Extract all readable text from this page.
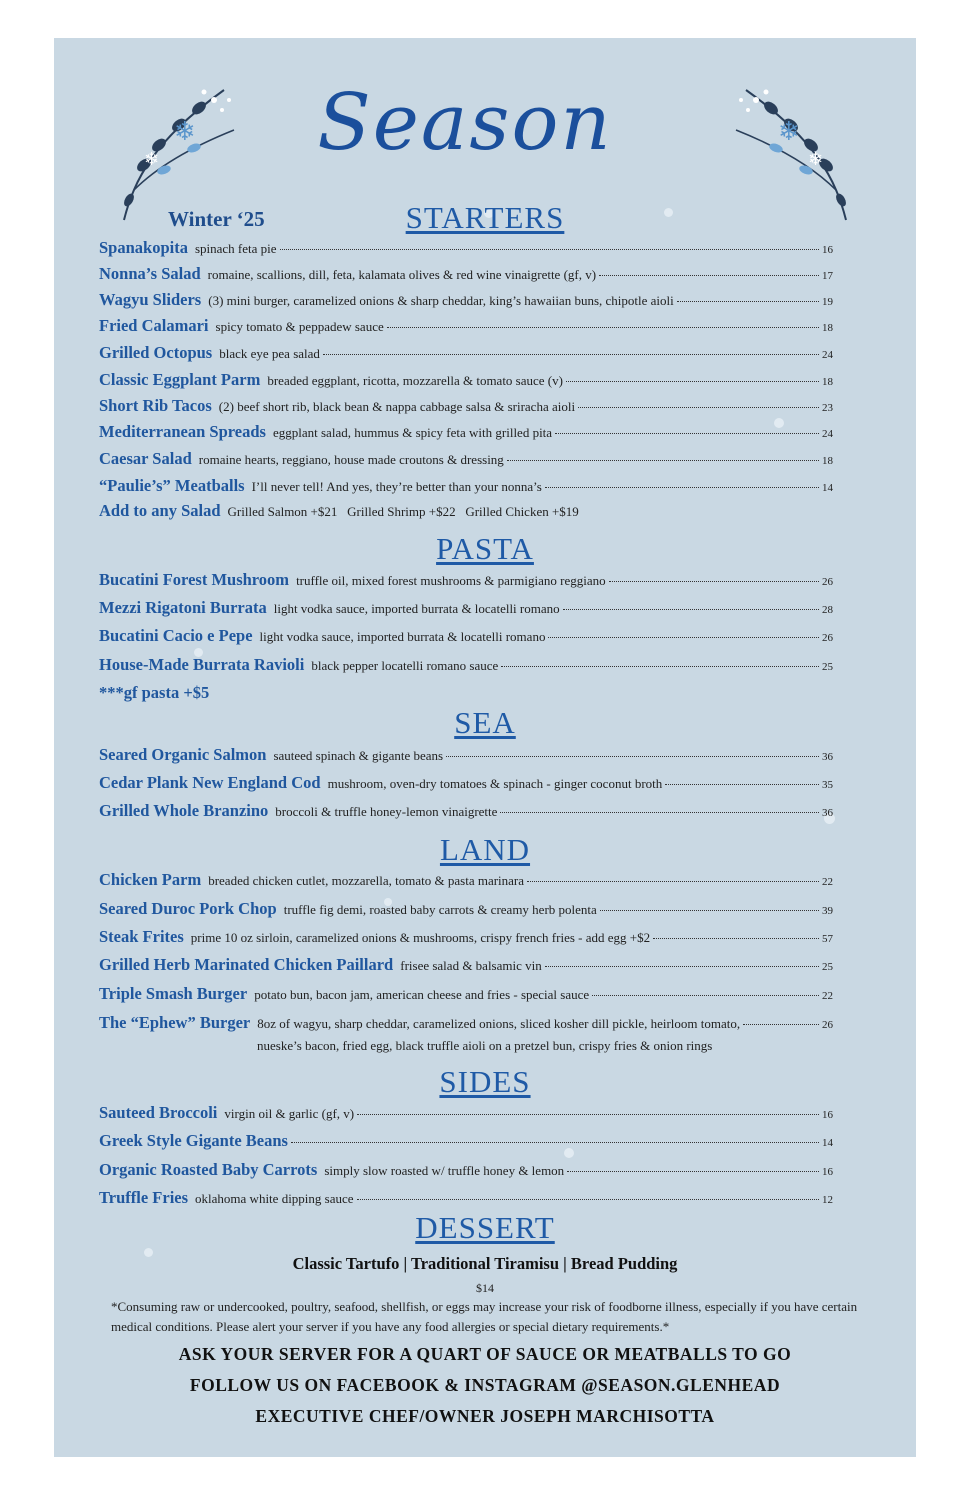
❄
❄
❄
❄
Season
Winter ‘25	STARTERS
PASTA
SEA
LAND
SIDES
DESSERT
Spanakopita spinach feta pie	16
Nonna’s Salad romaine, scallions, dill, feta, kalamata olives & red wine vinaigrette (gf, v)	17
Wagyu Sliders (3) mini burger, caramelized onions & sharp cheddar, king’s hawaiian buns, chipotle aioli	19
Fried Calamari spicy tomato & peppadew sauce	18
Grilled Octopus black eye pea salad	24
Classic Eggplant Parm breaded eggplant, ricotta, mozzarella & tomato sauce (v)	18
Short Rib Tacos (2) beef short rib, black bean & nappa cabbage salsa & sriracha aioli	23
Mediterranean Spreads eggplant salad, hummus & spicy feta with grilled pita	24
Caesar Salad romaine hearts, reggiano, house made croutons & dressing	18
“Paulie’s” Meatballs I’ll never tell! And yes, they’re better than your nonna’s	14
Add to any Salad Grilled Salmon +$21   Grilled Shrimp +$22   Grilled Chicken +$19
Bucatini Forest Mushroom truffle oil, mixed forest mushrooms & parmigiano reggiano	26
Mezzi Rigatoni Burrata light vodka sauce, imported burrata & locatelli romano	28
Bucatini Cacio e Pepe light vodka sauce, imported burrata & locatelli romano	26
House-Made Burrata Ravioli black pepper locatelli romano sauce	25
***gf pasta +$5
Seared Organic Salmon sauteed spinach & gigante beans	36
Cedar Plank New England Cod mushroom, oven-dry tomatoes & spinach - ginger coconut broth	35
Grilled Whole Branzino broccoli & truffle honey-lemon vinaigrette	36
Chicken Parm breaded chicken cutlet, mozzarella, tomato & pasta marinara	22
Seared Duroc Pork Chop truffle fig demi, roasted baby carrots & creamy herb polenta	39
Steak Frites prime 10 oz sirloin, caramelized onions & mushrooms, crispy french fries - add egg +$2	57
Grilled Herb Marinated Chicken Paillard frisee salad & balsamic vin	25
Triple Smash Burger potato bun, bacon jam, american cheese and fries - special sauce	22
The “Ephew” Burger 8oz of wagyu, sharp cheddar, caramelized onions, sliced kosher dill pickle, heirloom tomato,	26
nueske’s bacon, fried egg, black truffle aioli on a pretzel bun, crispy fries & onion rings
Sauteed Broccoli virgin oil & garlic (gf, v)	16
Greek Style Gigante Beans	14
Organic Roasted Baby Carrots simply slow roasted w/ truffle honey & lemon	16
Truffle Fries oklahoma white dipping sauce	12
Classic Tartufo | Traditional Tiramisu | Bread Pudding
$14
*Consuming raw or undercooked, poultry, seafood, shellfish, or eggs may increase your risk of foodborne illness, especially if you have certain medical conditions. Please alert your server if you have any food allergies or special dietary requirements.*
ASK YOUR SERVER FOR A QUART OF SAUCE OR MEATBALLS TO GO
FOLLOW US ON FACEBOOK & INSTAGRAM @SEASON.GLENHEAD
EXECUTIVE CHEF/OWNER JOSEPH MARCHISOTTA
